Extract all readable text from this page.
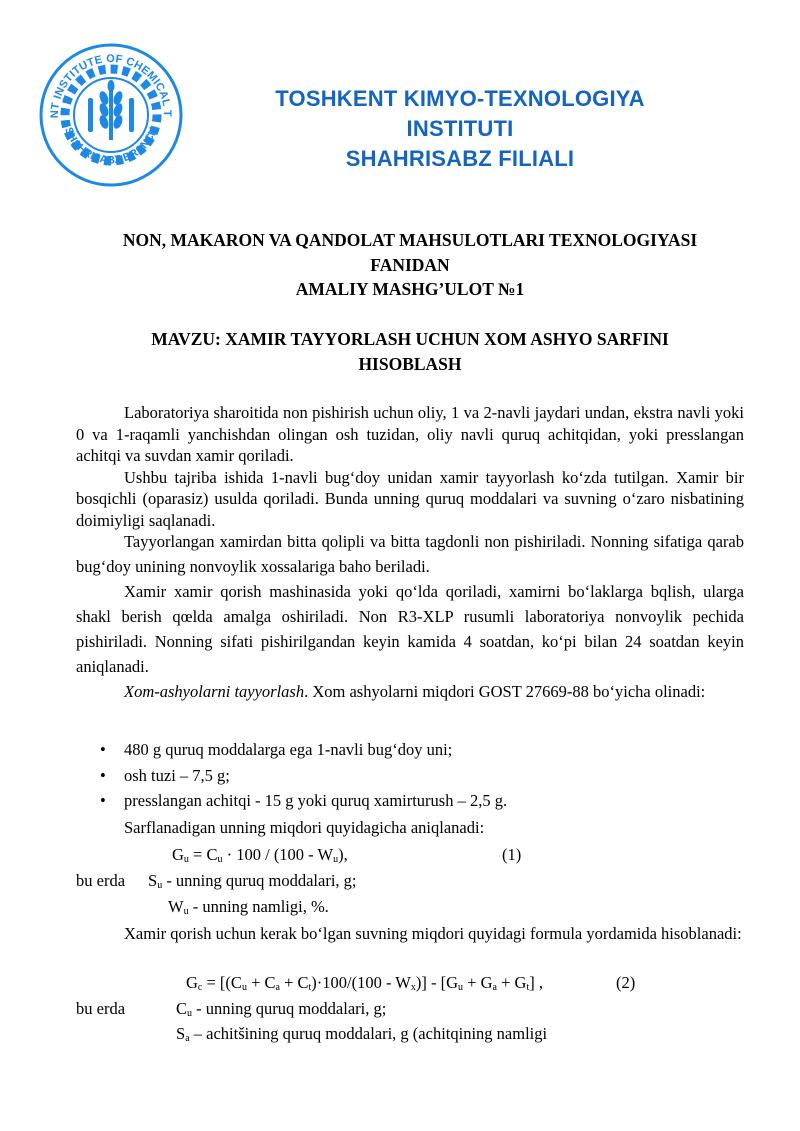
NT INSTITUTE OF CHEMICAL T
SHAHRISABZ BRANCH
TOSHKENT KIMYO-TEXNOLOGIYA
INSTITUTI
SHAHRISABZ FILIALI
NON, MAKARON VA QANDOLAT MAHSULOTLARI TEXNOLOGIYASI
FANIDAN
AMALIY MASHG’ULOT №1
MAVZU: XAMIR TAYYORLASH UCHUN XOM ASHYO SARFINI
HISOBLASH

Laboratoriya sharoitida non pishirish uchun oliy, 1 va 2-navli jaydari undan, ekstra navli yoki 0 va 1-raqamli yanchishdan olingan osh tuzidan, oliy navli quruq achitqidan, yoki presslangan achitqi va suvdan xamir qoriladi.

Ushbu tajriba ishida 1-navli bug‘doy unidan xamir tayyorlash ko‘zda tutilgan. Xamir bir bosqichli (oparasiz) usulda qoriladi. Bunda unning quruq moddalari va suvning o‘zaro nisbatining doimiyligi saqlanadi.

Tayyorlangan xamirdan bitta qolipli va bitta tagdonli non pishiriladi. Nonning sifatiga qarab bug‘doy unining nonvoylik xossalariga baho beriladi.

Xamir xamir qorish mashinasida yoki qo‘lda qoriladi, xamirni bo‘laklarga bqlish, ularga shakl berish qœlda amalga oshiriladi. Non R3-XLP rusumli laboratoriya nonvoylik pechida pishiriladi. Nonning sifati pishirilgandan keyin kamida 4 soatdan, ko‘pi bilan 24 soatdan keyin aniqlanadi.

Xom-ashyolarni tayyorlash. Xom ashyolarni miqdori GOST 27669-88 bo‘yicha olinadi:

• 480 g quruq moddalarga ega 1-navli bug‘doy uni;
• osh tuzi – 7,5 g;
• presslangan achitqi - 15 g yoki quruq xamirturush – 2,5 g.

Sarflanadigan unning miqdori quyidagicha aniqlanadi:

$G_u = C_u \cdot 100 / (100 - W_u)$,	(1)
bu erda $S_u$ - unning quruq moddalari, g;
$W_u$ - unning namligi, %.

Xamir qorish uchun kerak bo‘lgan suvning miqdori quyidagi formula yordamida hisoblanadi:

$G_c = [(C_u + C_a + C_t)\cdot 100/(100 - W_x)] - [G_u + G_a + G_t]$ ,	(2)
bu erda	$C_u$ - unning quruq moddalari, g;
$S_a$ – achitšining quruq moddalari, g (achitqining namligi
